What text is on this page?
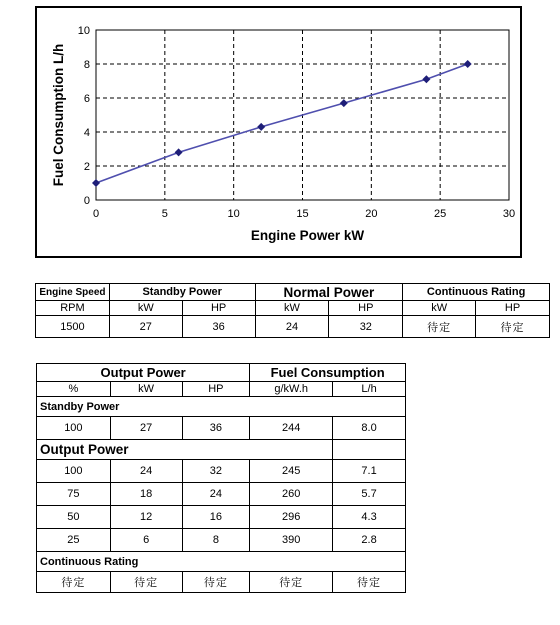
0	5	10	15	20	25	30
0
2
4
6
8
10
Engine Power kW
Fuel Consumption L/h
Engine Speed	Standby Power		Normal Power		Continuous Rating	
RPM	kW	HP	kW	HP	kW	HP
1500	27	36	24	32	待定	待定
Output Power			Fuel Consumption	
%	kW	HP	g/kW.h	L/h
Standby Power				
100	27	36	244	8.0
Output Power				
100	24	32	245	7.1
75	18	24	260	5.7
50	12	16	296	4.3
25	6	8	390	2.8
Continuous Rating				
待定	待定	待定	待定	待定
